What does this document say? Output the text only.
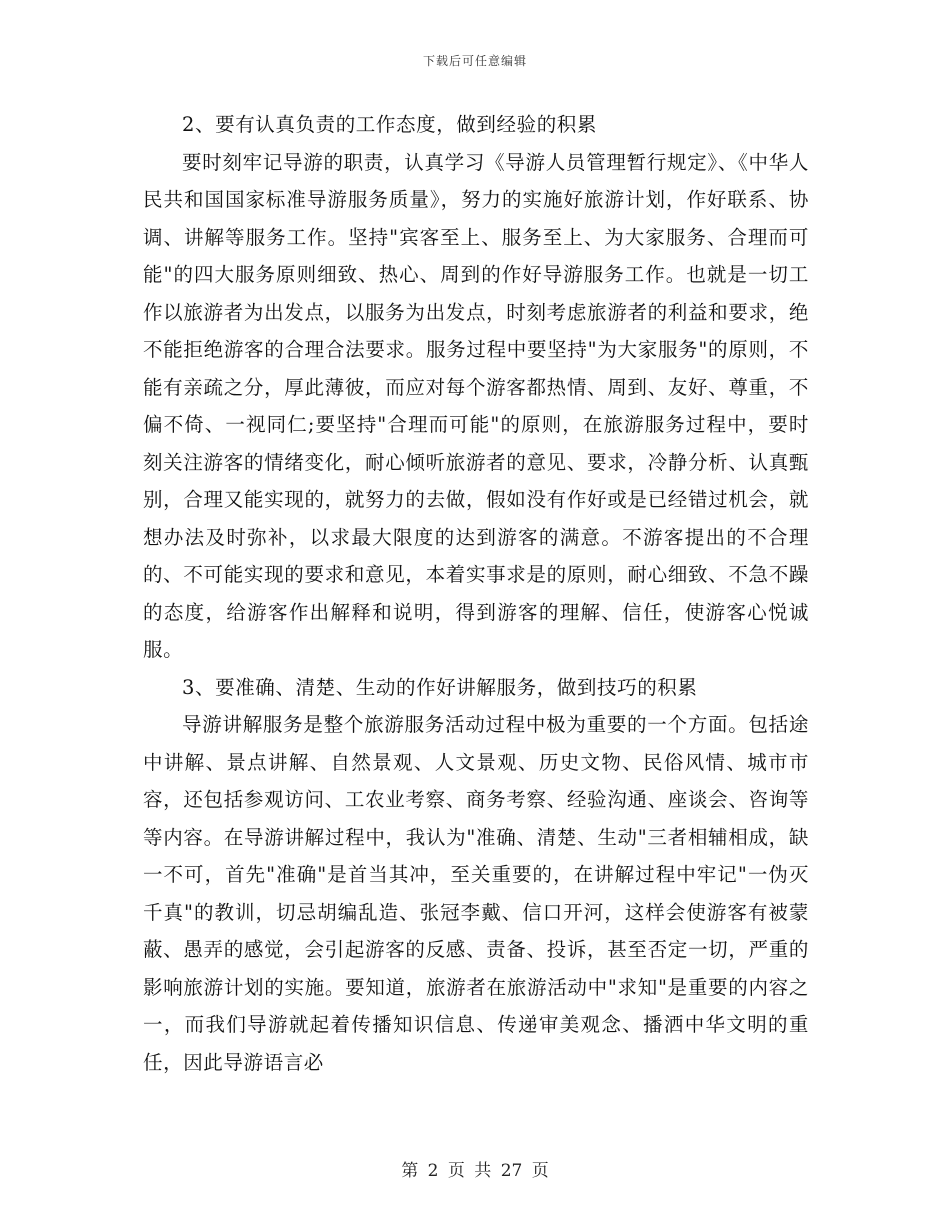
下载后可任意编辑

2、要有认真负责的工作态度，做到经验的积累

要时刻牢记导游的职责，认真学习《导游人员管理暂行规定》、《中华人民共和国国家标准导游服务质量》，努力的实施好旅游计划，作好联系、协调、讲解等服务工作。坚持"宾客至上、服务至上、为大家服务、合理而可能"的四大服务原则细致、热心、周到的作好导游服务工作。也就是一切工作以旅游者为出发点，以服务为出发点，时刻考虑旅游者的利益和要求，绝不能拒绝游客的合理合法要求。服务过程中要坚持"为大家服务"的原则，不能有亲疏之分，厚此薄彼，而应对每个游客都热情、周到、友好、尊重，不偏不倚、一视同仁;要坚持"合理而可能"的原则，在旅游服务过程中，要时刻关注游客的情绪变化，耐心倾听旅游者的意见、要求，冷静分析、认真甄别，合理又能实现的，就努力的去做，假如没有作好或是已经错过机会，就想办法及时弥补，以求最大限度的达到游客的满意。不游客提出的不合理的、不可能实现的要求和意见，本着实事求是的原则，耐心细致、不急不躁的态度，给游客作出解释和说明，得到游客的理解、信任，使游客心悦诚服。

3、要准确、清楚、生动的作好讲解服务，做到技巧的积累

导游讲解服务是整个旅游服务活动过程中极为重要的一个方面。包括途中讲解、景点讲解、自然景观、人文景观、历史文物、民俗风情、城市市容，还包括参观访问、工农业考察、商务考察、经验沟通、座谈会、咨询等等内容。在导游讲解过程中，我认为"准确、清楚、生动"三者相辅相成，缺一不可，首先"准确"是首当其冲，至关重要的，在讲解过程中牢记"一伪灭千真"的教训，切忌胡编乱造、张冠李戴、信口开河，这样会使游客有被蒙蔽、愚弄的感觉，会引起游客的反感、责备、投诉，甚至否定一切，严重的影响旅游计划的实施。要知道，旅游者在旅游活动中"求知"是重要的内容之一，而我们导游就起着传播知识信息、传递审美观念、播洒中华文明的重任，因此导游语言必

第 2 页 共 27 页
